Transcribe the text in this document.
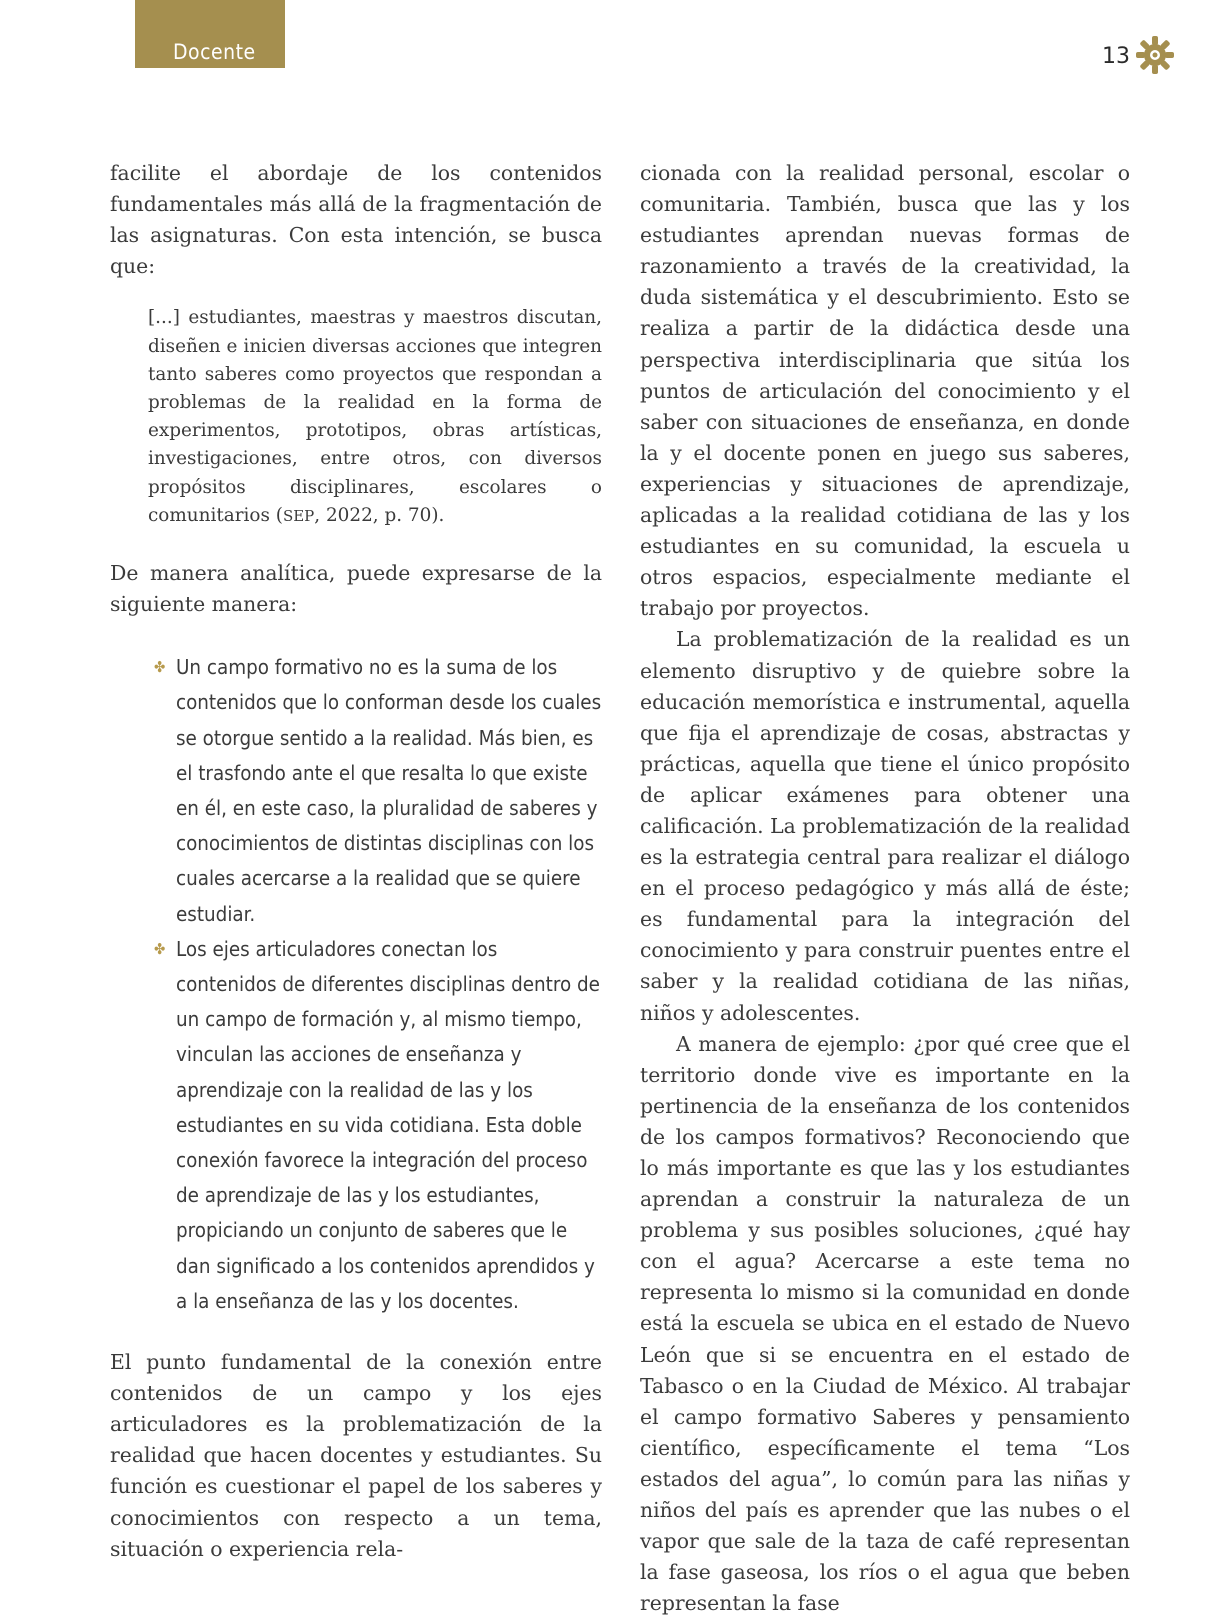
Docente	13

facilite el abordaje de los contenidos fundamentales más allá de la fragmentación de las asignaturas. Con esta intención, se busca que:

[...] estudiantes, maestras y maestros discutan, diseñen e inicien diversas acciones que integren tanto saberes como proyectos que respondan a problemas de la realidad en la forma de experimentos, prototipos, obras artísticas, investigaciones, entre otros, con diversos propósitos disciplinares, escolares o comunitarios (SEP, 2022, p. 70).

De manera analítica, puede expresarse de la siguiente manera:

✤ Un campo formativo no es la suma de los contenidos que lo conforman desde los cuales se otorgue sentido a la realidad. Más bien, es el trasfondo ante el que resalta lo que existe en él, en este caso, la pluralidad de saberes y conocimientos de distintas disciplinas con los cuales acercarse a la realidad que se quiere estudiar.
✤ Los ejes articuladores conectan los contenidos de diferentes disciplinas dentro de un campo de formación y, al mismo tiempo, vinculan las acciones de enseñanza y aprendizaje con la realidad de las y los estudiantes en su vida cotidiana. Esta doble conexión favorece la integración del proceso de aprendizaje de las y los estudiantes, propiciando un conjunto de saberes que le dan significado a los contenidos aprendidos y a la enseñanza de las y los docentes.

El punto fundamental de la conexión entre contenidos de un campo y los ejes articuladores es la problematización de la realidad que hacen docentes y estudiantes. Su función es cuestionar el papel de los saberes y conocimientos con respecto a un tema, situación o experiencia rela-

cionada con la realidad personal, escolar o comunitaria. También, busca que las y los estudiantes aprendan nuevas formas de razonamiento a través de la creatividad, la duda sistemática y el descubrimiento. Esto se realiza a partir de la didáctica desde una perspectiva interdisciplinaria que sitúa los puntos de articulación del conocimiento y el saber con situaciones de enseñanza, en donde la y el docente ponen en juego sus saberes, experiencias y situaciones de aprendizaje, aplicadas a la realidad cotidiana de las y los estudiantes en su comunidad, la escuela u otros espacios, especialmente mediante el trabajo por proyectos.

La problematización de la realidad es un elemento disruptivo y de quiebre sobre la educación memorística e instrumental, aquella que fija el aprendizaje de cosas, abstractas y prácticas, aquella que tiene el único propósito de aplicar exámenes para obtener una calificación. La problematización de la realidad es la estrategia central para realizar el diálogo en el proceso pedagógico y más allá de éste; es fundamental para la integración del conocimiento y para construir puentes entre el saber y la realidad cotidiana de las niñas, niños y adolescentes.

A manera de ejemplo: ¿por qué cree que el territorio donde vive es importante en la pertinencia de la enseñanza de los contenidos de los campos formativos? Reconociendo que lo más importante es que las y los estudiantes aprendan a construir la naturaleza de un problema y sus posibles soluciones, ¿qué hay con el agua? Acercarse a este tema no representa lo mismo si la comunidad en donde está la escuela se ubica en el estado de Nuevo León que si se encuentra en el estado de Tabasco o en la Ciudad de México. Al trabajar el campo formativo Saberes y pensamiento científico, específicamente el tema “Los estados del agua”, lo común para las niñas y niños del país es aprender que las nubes o el vapor que sale de la taza de café representan la fase gaseosa, los ríos o el agua que beben representan la fase
